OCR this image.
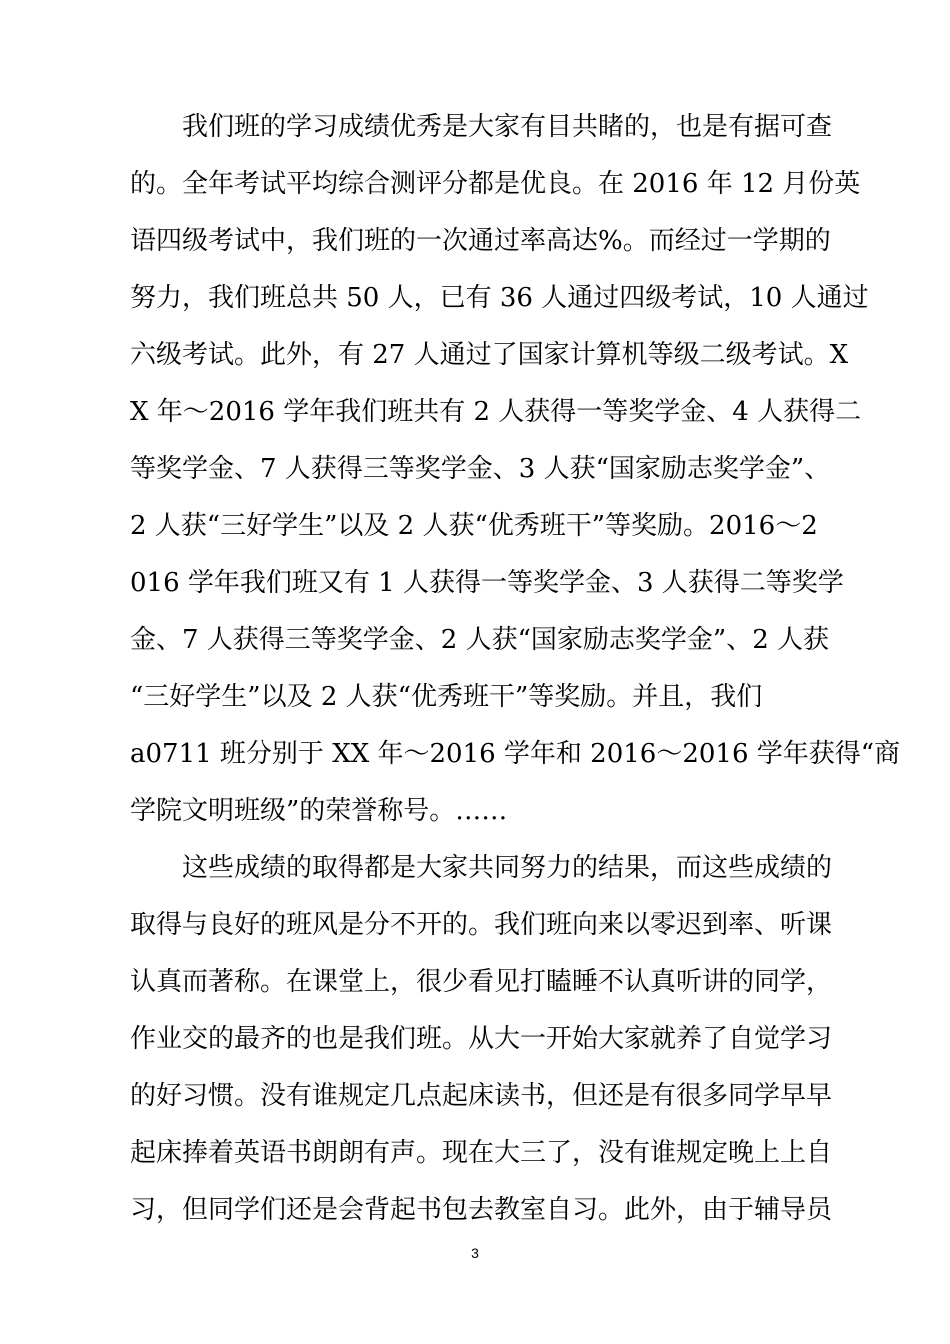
我们班的学习成绩优秀是大家有目共睹的，也是有据可查
的。全年考试平均综合测评分都是优良。在 2016 年 12 月份英
语四级考试中，我们班的一次通过率高达%。而经过一学期的
努力，我们班总共 50 人，已有 36 人通过四级考试，10 人通过
六级考试。此外，有 27 人通过了国家计算机等级二级考试。X
X 年～2016 学年我们班共有 2 人获得一等奖学金、4 人获得二
等奖学金、7 人获得三等奖学金、3 人获“国家励志奖学金”、
2 人获“三好学生”以及 2 人获“优秀班干”等奖励。2016～2
016 学年我们班又有 1 人获得一等奖学金、3 人获得二等奖学
金、7 人获得三等奖学金、2 人获“国家励志奖学金”、2 人获
“三好学生”以及 2 人获“优秀班干”等奖励。并且，我们
a0711 班分别于 XX 年～2016 学年和 2016～2016 学年获得“商
学院文明班级”的荣誉称号。……
这些成绩的取得都是大家共同努力的结果，而这些成绩的
取得与良好的班风是分不开的。我们班向来以零迟到率、听课
认真而著称。在课堂上，很少看见打瞌睡不认真听讲的同学，
作业交的最齐的也是我们班。从大一开始大家就养了自觉学习
的好习惯。没有谁规定几点起床读书，但还是有很多同学早早
起床捧着英语书朗朗有声。现在大三了，没有谁规定晚上上自
习，但同学们还是会背起书包去教室自习。此外，由于辅导员
3
